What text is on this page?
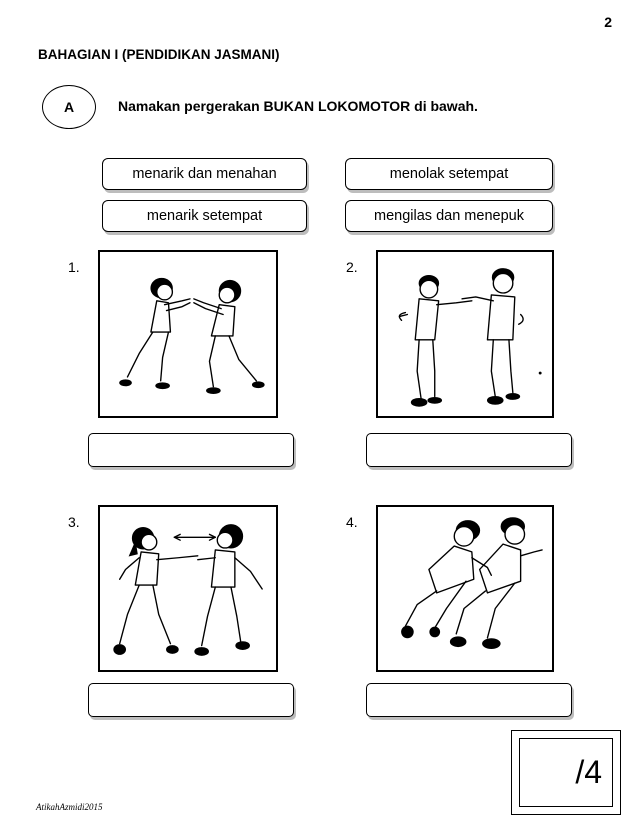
2
BAHAGIAN I (PENDIDIKAN JASMANI)
A	Namakan pergerakan BUKAN LOKOMOTOR di bawah.
menarik dan menahan	menolak setempat
menarik setempat	mengilas dan menepuk
1.	2.
3.	4.
/4
AtikahAzmidi2015
